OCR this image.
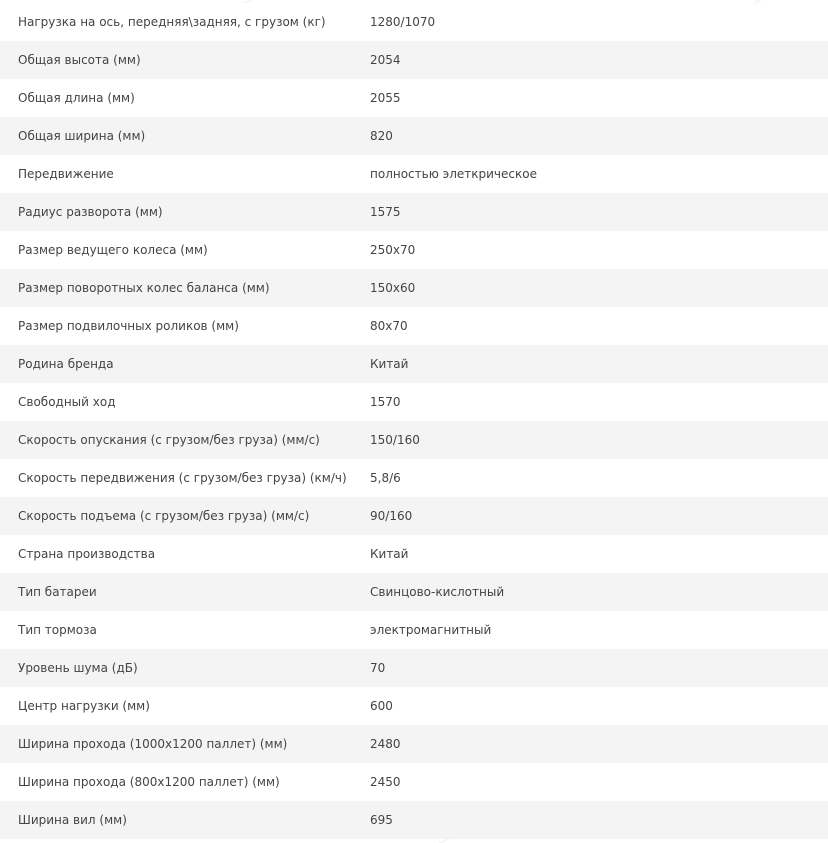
Нагрузка на ось, передняя\задняя, с грузом (кг)	1280/1070
Общая высота (мм)	2054
Общая длина (мм)	2055
Общая ширина (мм)	820
Передвижение	полностью элеткрическое
Радиус разворота (мм)	1575
Размер ведущего колеса (мм)	250x70
Размер поворотных колес баланса (мм)	150x60
Размер подвилочных роликов (мм)	80x70
Родина бренда	Китай
Свободный ход	1570
Скорость опускания (с грузом/без груза) (мм/с)	150/160
Скорость передвижения (с грузом/без груза) (км/ч)	5,8/6
Скорость подъема (с грузом/без груза) (мм/с)	90/160
Страна производства	Китай
Тип батареи	Свинцово-кислотный
Тип тормоза	электромагнитный
Уровень шума (дБ)	70
Центр нагрузки (мм)	600
Ширина прохода (1000x1200 паллет) (мм)	2480
Ширина прохода (800x1200 паллет) (мм)	2450
Ширина вил (мм)	695
